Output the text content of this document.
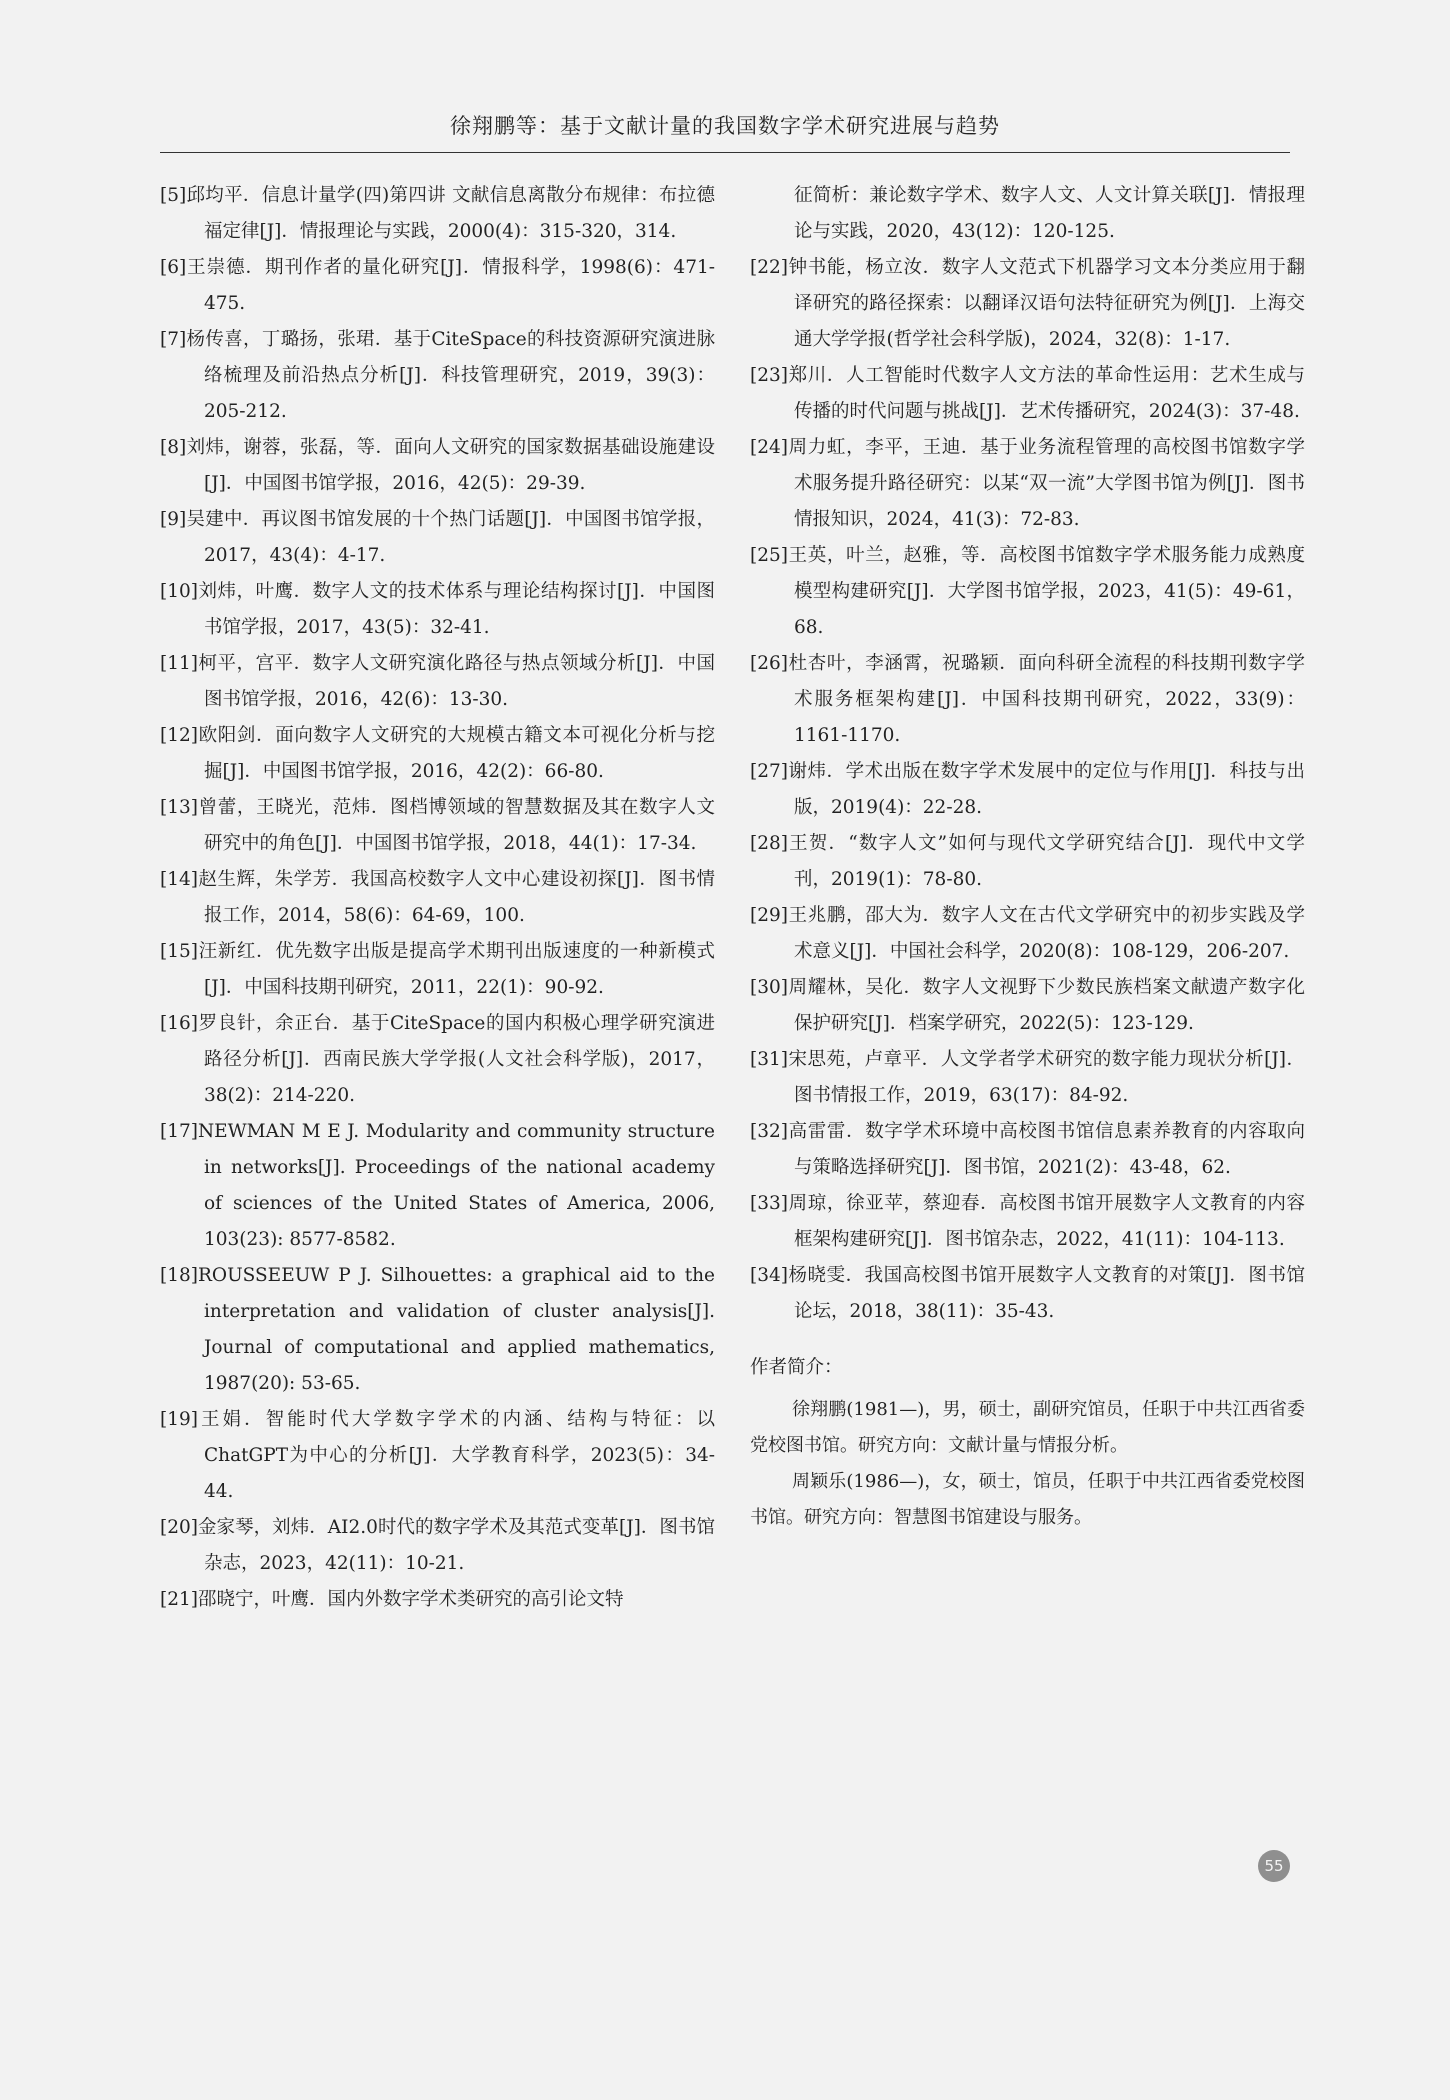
徐翔鹏等：基于文献计量的我国数字学术研究进展与趋势

[5]邱均平．信息计量学(四)第四讲 文献信息离散分布规律：布拉德福定律[J]．情报理论与实践，2000(4)：315-320，314.

[6]王崇德．期刊作者的量化研究[J]．情报科学，1998(6)：471-475.

[7]杨传喜，丁璐扬，张珺．基于CiteSpace的科技资源研究演进脉络梳理及前沿热点分析[J]．科技管理研究，2019，39(3)：205-212.

[8]刘炜，谢蓉，张磊，等．面向人文研究的国家数据基础设施建设[J]．中国图书馆学报，2016，42(5)：29-39.

[9]吴建中．再议图书馆发展的十个热门话题[J]．中国图书馆学报，2017，43(4)：4-17.

[10]刘炜，叶鹰．数字人文的技术体系与理论结构探讨[J]．中国图书馆学报，2017，43(5)：32-41.

[11]柯平，宫平．数字人文研究演化路径与热点领域分析[J]．中国图书馆学报，2016，42(6)：13-30.

[12]欧阳剑．面向数字人文研究的大规模古籍文本可视化分析与挖掘[J]．中国图书馆学报，2016，42(2)：66-80.

[13]曾蕾，王晓光，范炜．图档博领域的智慧数据及其在数字人文研究中的角色[J]．中国图书馆学报，2018，44(1)：17-34.

[14]赵生辉，朱学芳．我国高校数字人文中心建设初探[J]．图书情报工作，2014，58(6)：64-69，100.

[15]汪新红．优先数字出版是提高学术期刊出版速度的一种新模式[J]．中国科技期刊研究，2011，22(1)：90-92.

[16]罗良针，余正台．基于CiteSpace的国内积极心理学研究演进路径分析[J]．西南民族大学学报(人文社会科学版)，2017，38(2)：214-220.

[17]NEWMAN M E J. Modularity and community structure in networks[J]. Proceedings of the national academy of sciences of the United States of America, 2006, 103(23): 8577-8582.

[18]ROUSSEEUW P J. Silhouettes: a graphical aid to the interpretation and validation of cluster analysis[J]. Journal of computational and applied mathematics, 1987(20): 53-65.

[19]王娟．智能时代大学数字学术的内涵、结构与特征：以ChatGPT为中心的分析[J]．大学教育科学，2023(5)：34-44.

[20]金家琴，刘炜．AI2.0时代的数字学术及其范式变革[J]．图书馆杂志，2023，42(11)：10-21.

[21]邵晓宁，叶鹰．国内外数字学术类研究的高引论文特

征简析：兼论数字学术、数字人文、人文计算关联[J]．情报理论与实践，2020，43(12)：120-125.

[22]钟书能，杨立汝．数字人文范式下机器学习文本分类应用于翻译研究的路径探索：以翻译汉语句法特征研究为例[J]．上海交通大学学报(哲学社会科学版)，2024，32(8)：1-17.

[23]郑川．人工智能时代数字人文方法的革命性运用：艺术生成与传播的时代问题与挑战[J]．艺术传播研究，2024(3)：37-48.

[24]周力虹，李平，王迪．基于业务流程管理的高校图书馆数字学术服务提升路径研究：以某“双一流”大学图书馆为例[J]．图书情报知识，2024，41(3)：72-83.

[25]王英，叶兰，赵雅，等．高校图书馆数字学术服务能力成熟度模型构建研究[J]．大学图书馆学报，2023，41(5)：49-61，68.

[26]杜杏叶，李涵霄，祝璐颖．面向科研全流程的科技期刊数字学术服务框架构建[J]．中国科技期刊研究，2022，33(9)：1161-1170.

[27]谢炜．学术出版在数字学术发展中的定位与作用[J]．科技与出版，2019(4)：22-28.

[28]王贺．“数字人文”如何与现代文学研究结合[J]．现代中文学刊，2019(1)：78-80.

[29]王兆鹏，邵大为．数字人文在古代文学研究中的初步实践及学术意义[J]．中国社会科学，2020(8)：108-129，206-207.

[30]周耀林，吴化．数字人文视野下少数民族档案文献遗产数字化保护研究[J]．档案学研究，2022(5)：123-129.

[31]宋思苑，卢章平．人文学者学术研究的数字能力现状分析[J]．图书情报工作，2019，63(17)：84-92.

[32]高雷雷．数字学术环境中高校图书馆信息素养教育的内容取向与策略选择研究[J]．图书馆，2021(2)：43-48，62.

[33]周琼，徐亚苹，蔡迎春．高校图书馆开展数字人文教育的内容框架构建研究[J]．图书馆杂志，2022，41(11)：104-113.

[34]杨晓雯．我国高校图书馆开展数字人文教育的对策[J]．图书馆论坛，2018，38(11)：35-43.

作者简介：

徐翔鹏(1981—)，男，硕士，副研究馆员，任职于中共江西省委党校图书馆。研究方向：文献计量与情报分析。

周颖乐(1986—)，女，硕士，馆员，任职于中共江西省委党校图书馆。研究方向：智慧图书馆建设与服务。

55
